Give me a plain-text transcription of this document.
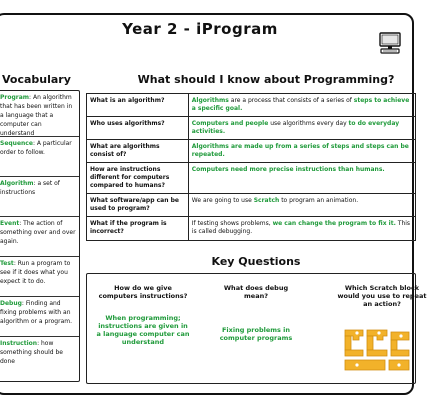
Year 2 - iProgram
Vocabulary
Program: An algorithm that has been written in a language that a computer can understand
Sequence: A particular order to follow.
Algorithm: a set of instructions
Event: The action of something over and over again.
Test: Run a program to see if it does what you expect it to do.
Debug: Finding and fixing problems with an algorithm or a program.
Instruction: how something should be done
What should I know about Programming?
What is an algorithm?	Algorithms are a process that consists of a series of steps to achieve a specific goal.
Who uses algorithms?	Computers and people use algorithms every day to do everyday activities.
What are algorithms consist of?	Algorithms are made up from a series of steps and steps can be repeated.
How are instructions different for computers compared to humans?	Computers need more precise instructions than humans.
What software/app can be used to program?	We are going to use Scratch to program an animation.
What if the program is incorrect?	If testing shows problems, we can change the program to fix it. This is called debugging.
Key Questions
How do we give computers instructions?
When programming; instructions are given in a language computer can understand
What does debug mean?
Fixing problems in computer programs
Which Scratch block would you use to repeat an action?
